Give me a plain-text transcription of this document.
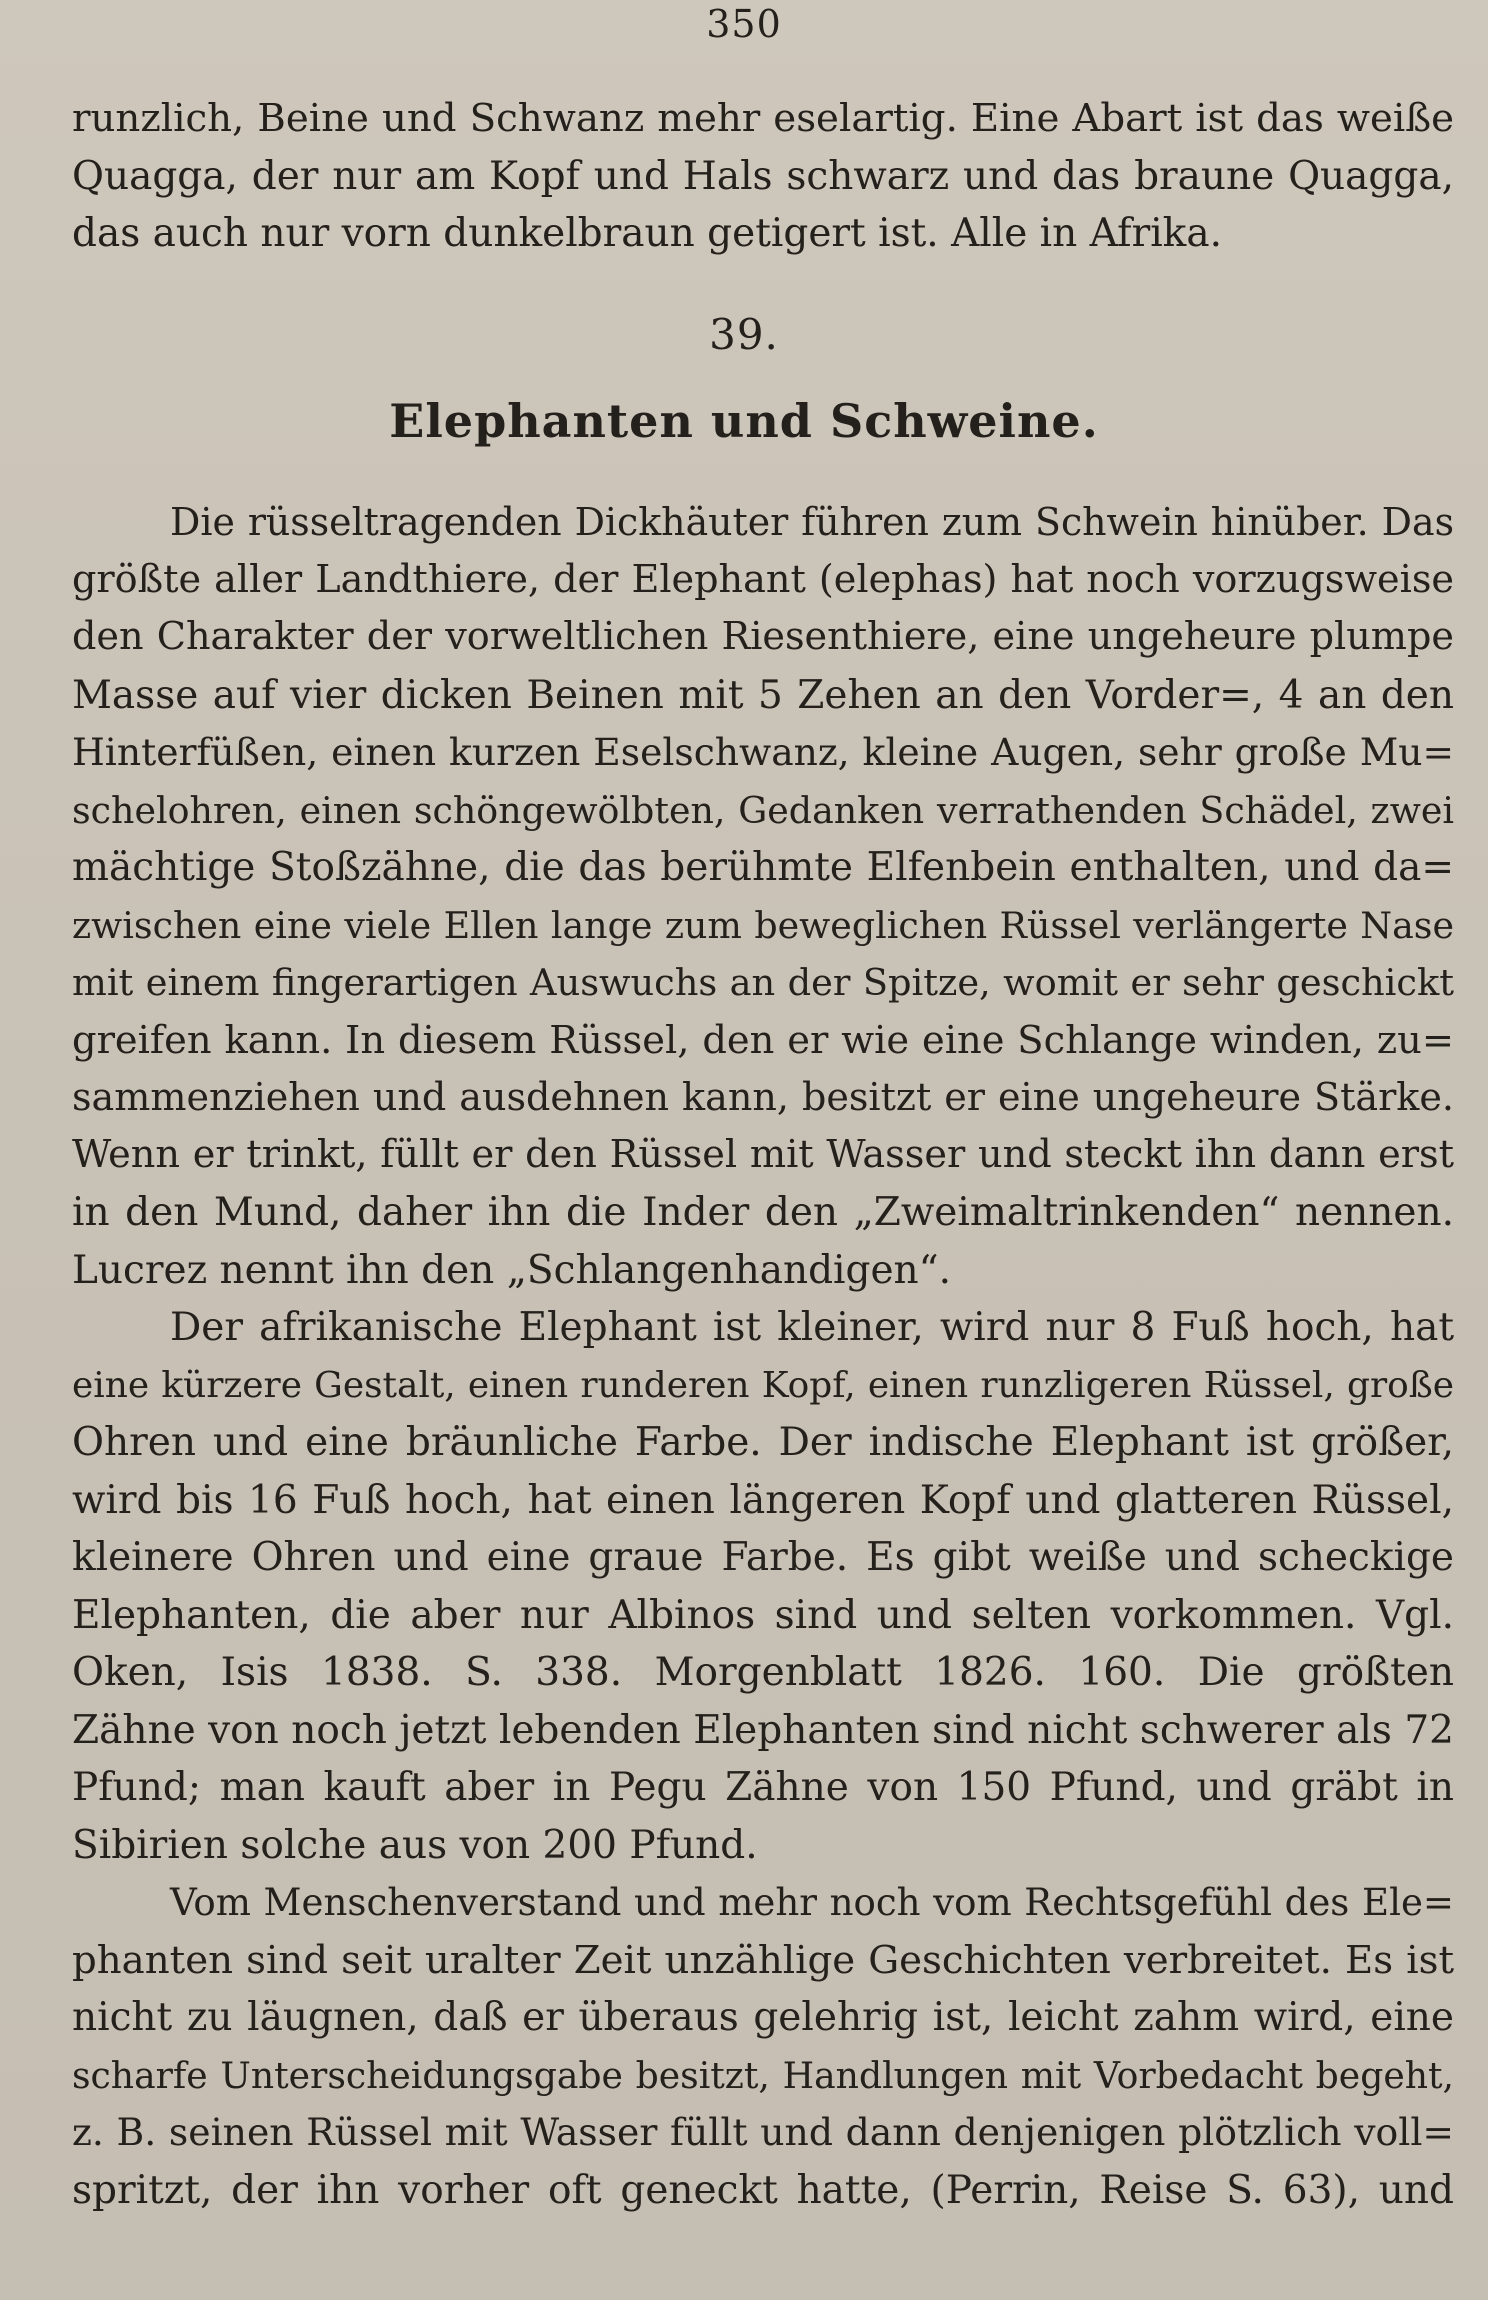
350

runzlich, Beine und Schwanz mehr eselartig. Eine Abart ist das weiße
Quagga, der nur am Kopf und Hals schwarz und das braune Quagga,
das auch nur vorn dunkelbraun getigert ist. Alle in Afrika.

39.
Elephanten und Schweine.

Die rüsseltragenden Dickhäuter führen zum Schwein hinüber. Das
größte aller Landthiere, der Elephant (elephas) hat noch vorzugsweise
den Charakter der vorweltlichen Riesenthiere, eine ungeheure plumpe
Masse auf vier dicken Beinen mit 5 Zehen an den Vorder=, 4 an den
Hinterfüßen, einen kurzen Eselschwanz, kleine Augen, sehr große Mu=
schelohren, einen schöngewölbten, Gedanken verrathenden Schädel, zwei
mächtige Stoßzähne, die das berühmte Elfenbein enthalten, und da=
zwischen eine viele Ellen lange zum beweglichen Rüssel verlängerte Nase
mit einem fingerartigen Auswuchs an der Spitze, womit er sehr geschickt
greifen kann. In diesem Rüssel, den er wie eine Schlange winden, zu=
sammenziehen und ausdehnen kann, besitzt er eine ungeheure Stärke.
Wenn er trinkt, füllt er den Rüssel mit Wasser und steckt ihn dann erst
in den Mund, daher ihn die Inder den „Zweimaltrinkenden“ nennen.
Lucrez nennt ihn den „Schlangenhandigen“.

Der afrikanische Elephant ist kleiner, wird nur 8 Fuß hoch, hat
eine kürzere Gestalt, einen runderen Kopf, einen runzligeren Rüssel, große
Ohren und eine bräunliche Farbe. Der indische Elephant ist größer,
wird bis 16 Fuß hoch, hat einen längeren Kopf und glatteren Rüssel,
kleinere Ohren und eine graue Farbe. Es gibt weiße und scheckige
Elephanten, die aber nur Albinos sind und selten vorkommen. Vgl.
Oken, Isis 1838. S. 338. Morgenblatt 1826. 160. Die größten
Zähne von noch jetzt lebenden Elephanten sind nicht schwerer als 72
Pfund; man kauft aber in Pegu Zähne von 150 Pfund, und gräbt in
Sibirien solche aus von 200 Pfund.

Vom Menschenverstand und mehr noch vom Rechtsgefühl des Ele=
phanten sind seit uralter Zeit unzählige Geschichten verbreitet. Es ist
nicht zu läugnen, daß er überaus gelehrig ist, leicht zahm wird, eine
scharfe Unterscheidungsgabe besitzt, Handlungen mit Vorbedacht begeht,
z. B. seinen Rüssel mit Wasser füllt und dann denjenigen plötzlich voll=
spritzt, der ihn vorher oft geneckt hatte, (Perrin, Reise S. 63), und
